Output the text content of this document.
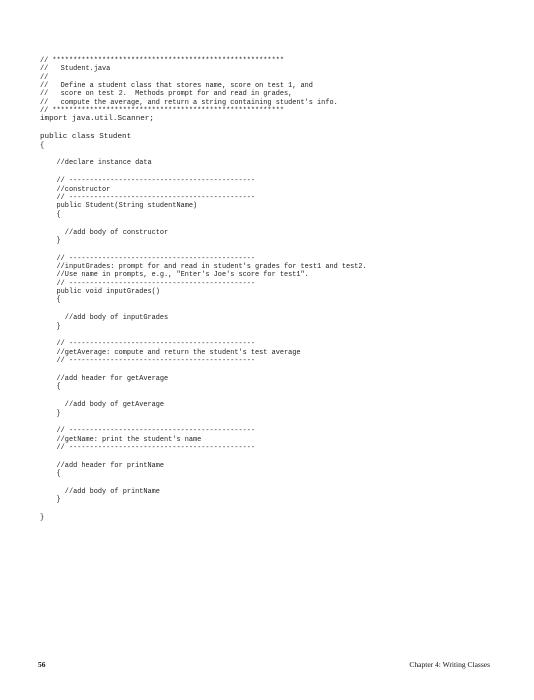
// ********************************************************
//   Student.java
//
//   Define a student class that stores name, score on test 1, and
//   score on test 2.  Methods prompt for and read in grades,
//   compute the average, and return a string containing student's info.
// ********************************************************
import java.util.Scanner;
public class Student
{
//declare instance data
// ---------------------------------------------
//constructor
// ---------------------------------------------
public Student(String studentName)
{
//add body of constructor
}
// ---------------------------------------------
//inputGrades: prompt for and read in student's grades for test1 and test2.
//Use name in prompts, e.g., "Enter's Joe's score for test1".
// ---------------------------------------------
public void inputGrades()
{
//add body of inputGrades
}
// ---------------------------------------------
//getAverage: compute and return the student's test average
// ---------------------------------------------
//add header for getAverage
{
//add body of getAverage
}
// ---------------------------------------------
//getName: print the student's name
// ---------------------------------------------
//add header for printName
{
//add body of printName
}
}
56	Chapter 4: Writing Classes
